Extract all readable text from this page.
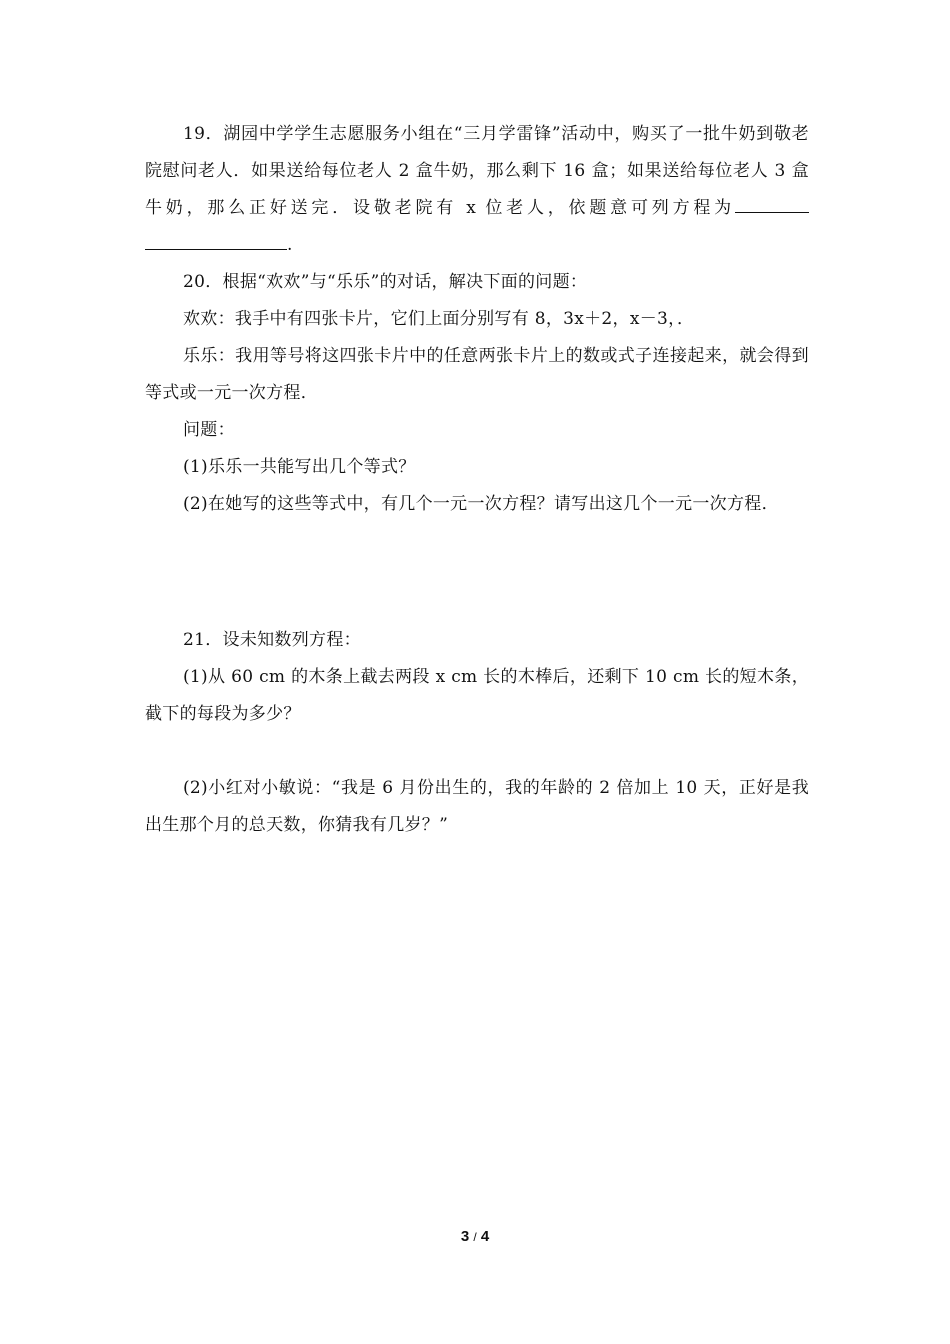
19．湖园中学学生志愿服务小组在“三月学雷锋”活动中，购买了一批牛奶到敬老院慰问老人．如果送给每位老人 2 盒牛奶，那么剩下 16 盒；如果送给每位老人 3 盒牛奶，那么正好送完．设敬老院有 x 位老人，依题意可列方程为.

20．根据“欢欢”与“乐乐”的对话，解决下面的问题：

欢欢：我手中有四张卡片，它们上面分别写有 8，3x＋2，x－3，．

乐乐：我用等号将这四张卡片中的任意两张卡片上的数或式子连接起来，就会得到等式或一元一次方程．

问题：

(1)乐乐一共能写出几个等式？

(2)在她写的这些等式中，有几个一元一次方程？请写出这几个一元一次方程．

21．设未知数列方程：

(1)从 60 cm 的木条上截去两段 x cm 长的木棒后，还剩下 10 cm 长的短木条，截下的每段为多少？

(2)小红对小敏说：“我是 6 月份出生的，我的年龄的 2 倍加上 10 天，正好是我出生那个月的总天数，你猜我有几岁？”

3 / 4
